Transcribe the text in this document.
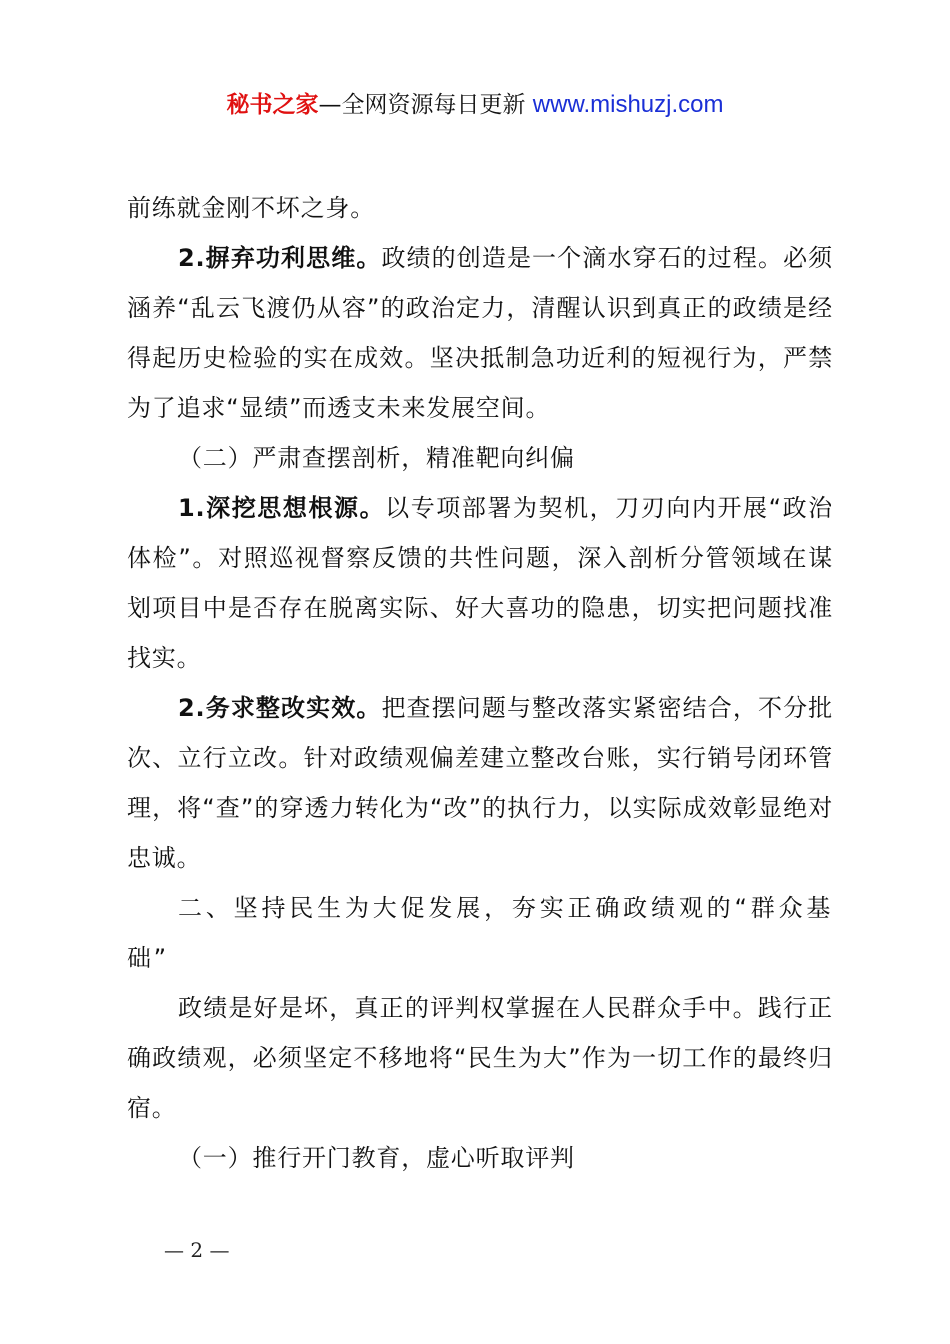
秘书之家—全网资源每日更新 www.mishuzj.com

前练就金刚不坏之身。

2.摒弃功利思维。政绩的创造是一个滴水穿石的过程。必须涵养“乱云飞渡仍从容”的政治定力，清醒认识到真正的政绩是经得起历史检验的实在成效。坚决抵制急功近利的短视行为，严禁为了追求“显绩”而透支未来发展空间。

（二）严肃查摆剖析，精准靶向纠偏

1.深挖思想根源。以专项部署为契机，刀刃向内开展“政治体检”。对照巡视督察反馈的共性问题，深入剖析分管领域在谋划项目中是否存在脱离实际、好大喜功的隐患，切实把问题找准找实。

2.务求整改实效。把查摆问题与整改落实紧密结合，不分批次、立行立改。针对政绩观偏差建立整改台账，实行销号闭环管理，将“查”的穿透力转化为“改”的执行力，以实际成效彰显绝对忠诚。

二、坚持民生为大促发展，夯实正确政绩观的“群众基础”

政绩是好是坏，真正的评判权掌握在人民群众手中。践行正确政绩观，必须坚定不移地将“民生为大”作为一切工作的最终归宿。

（一）推行开门教育，虚心听取评判

— 2 —
